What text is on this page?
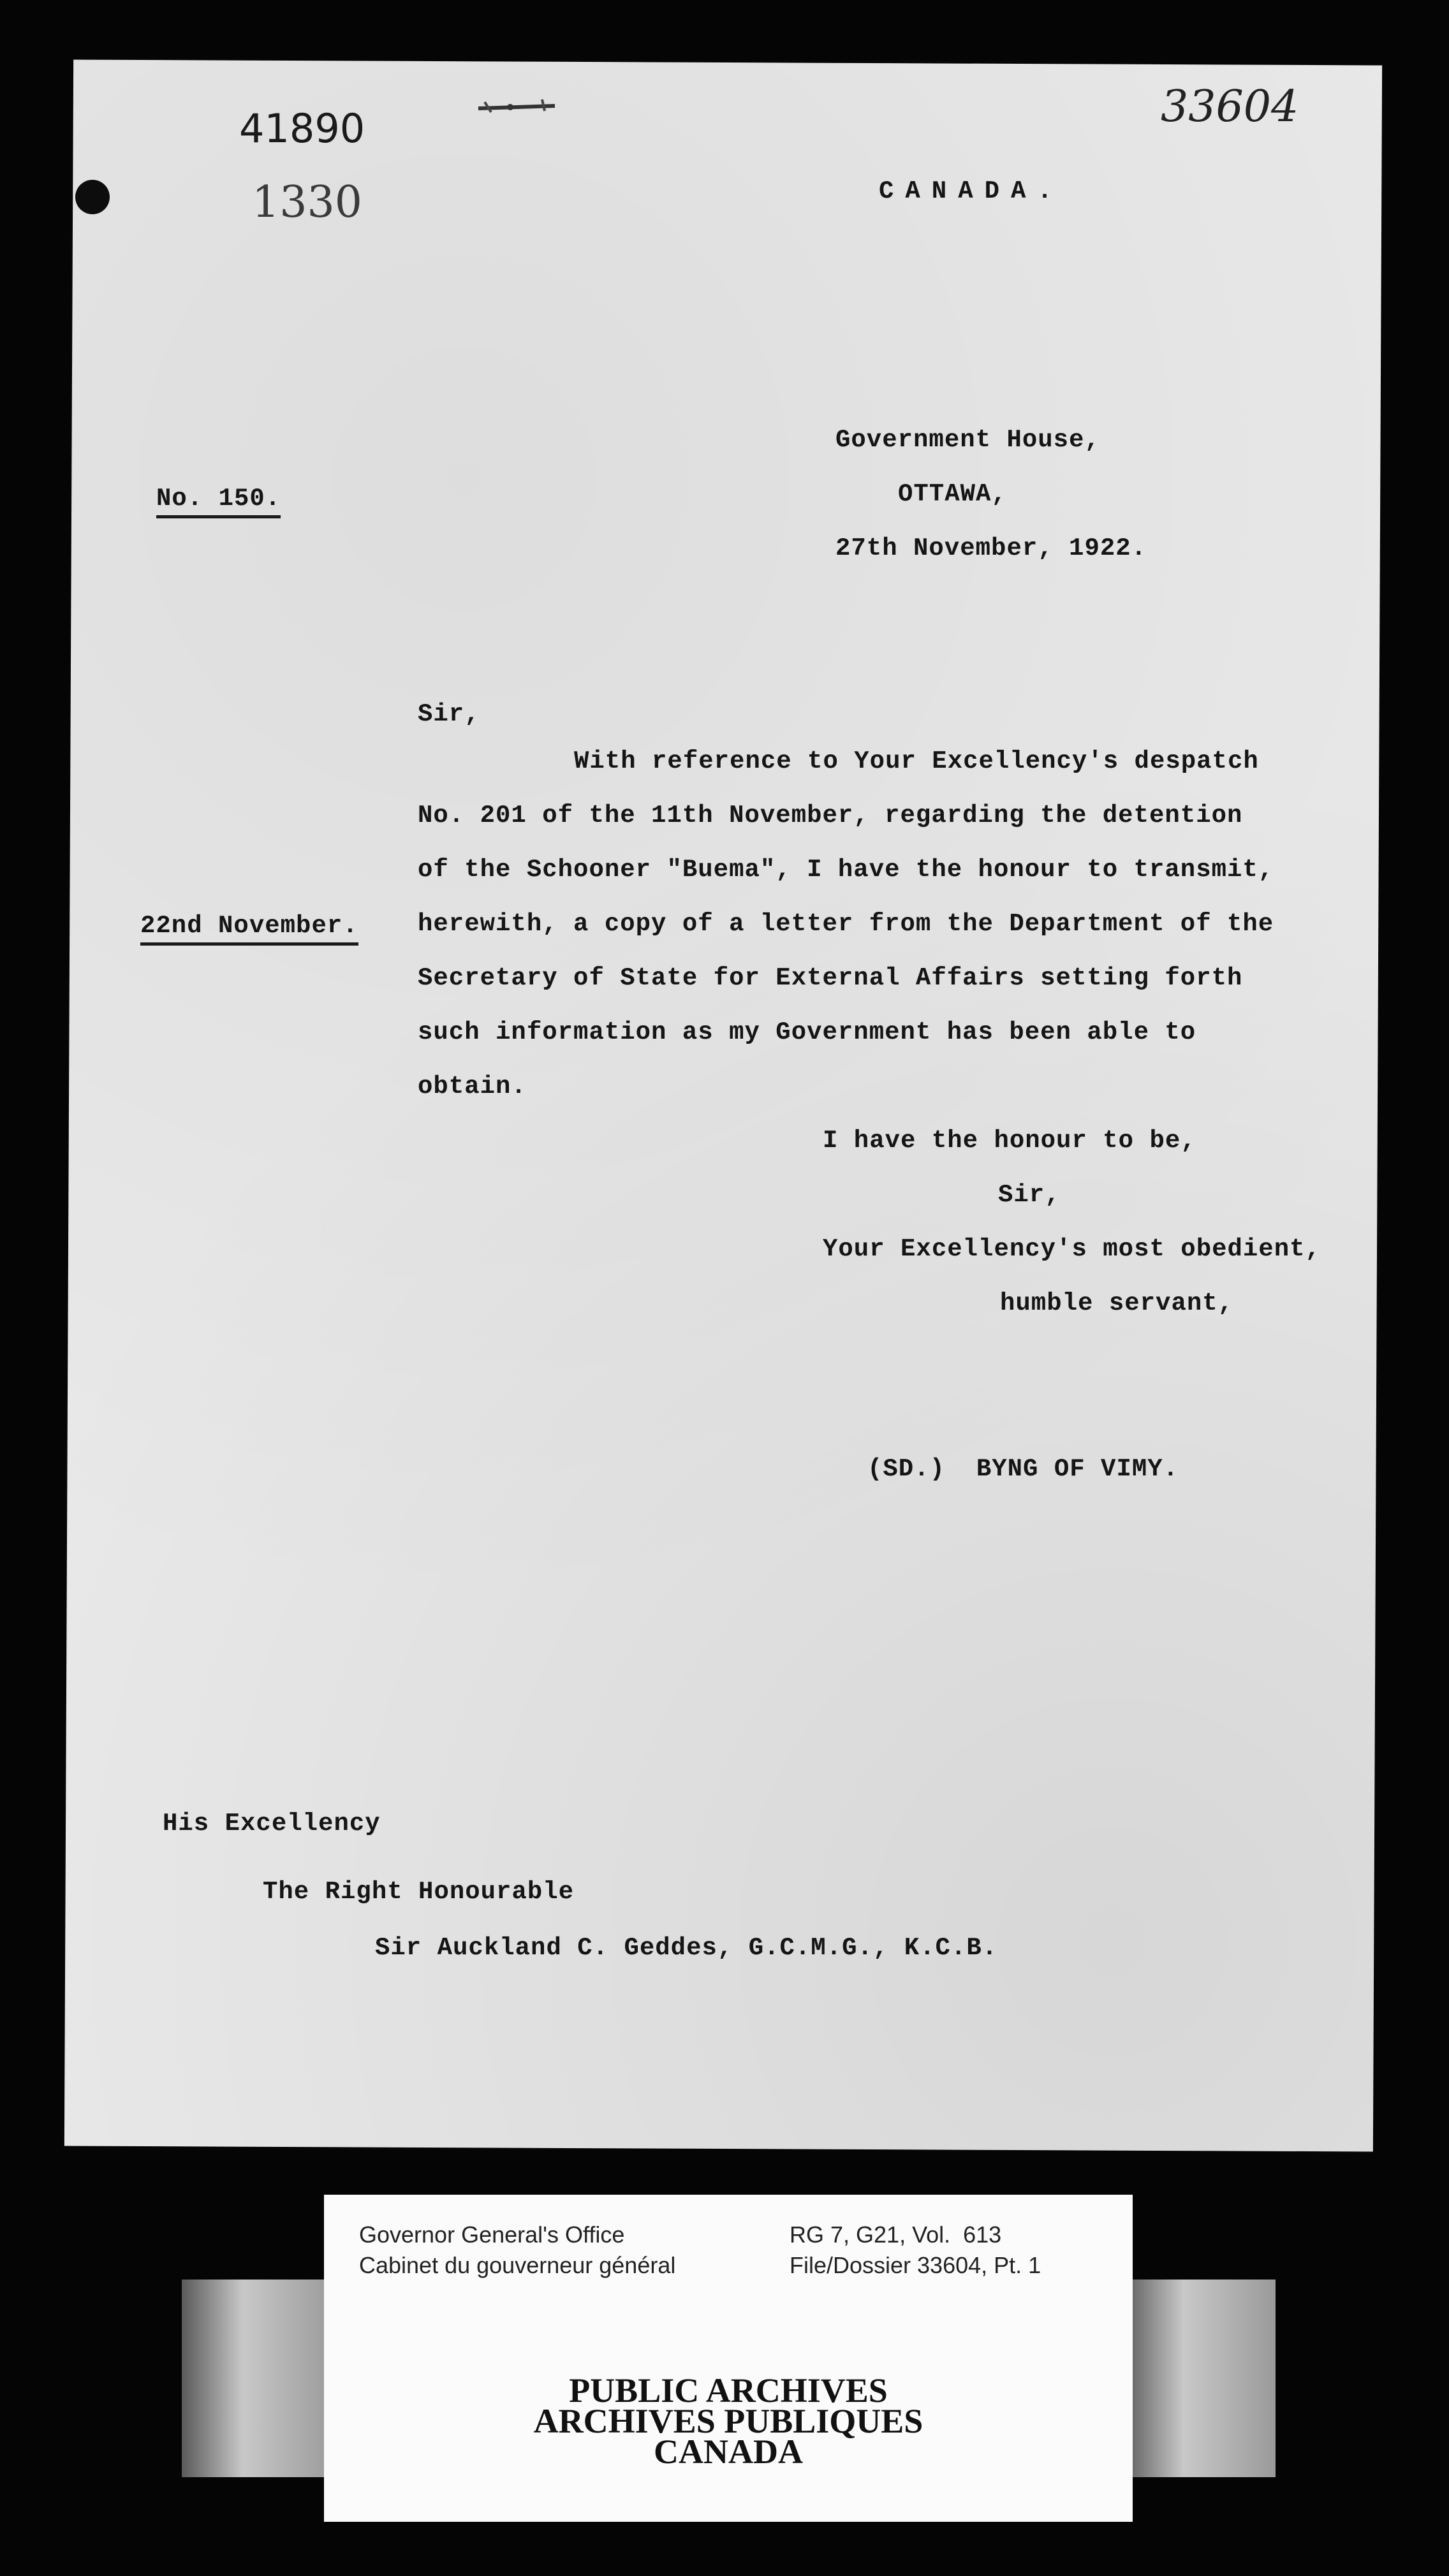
41890
1330
33604
CANADA.
Government House,
OTTAWA,
27th November, 1922.
No. 150.
Sir,
With reference to Your Excellency's despatch
No. 201 of the 11th November, regarding the detention
of the Schooner "Buema", I have the honour to transmit,
herewith, a copy of a letter from the Department of the
Secretary of State for External Affairs setting forth
such information as my Government has been able to
obtain.
22nd November.
I have the honour to be,
Sir,
Your Excellency's most obedient,
humble servant,
(SD.)  BYNG OF VIMY.
His Excellency
The Right Honourable
Sir Auckland C. Geddes, G.C.M.G., K.C.B.
Governor General's Office
Cabinet du gouverneur général
RG 7, G21, Vol.  613
File/Dossier 33604, Pt. 1
PUBLIC ARCHIVES
ARCHIVES PUBLIQUES
CANADA
